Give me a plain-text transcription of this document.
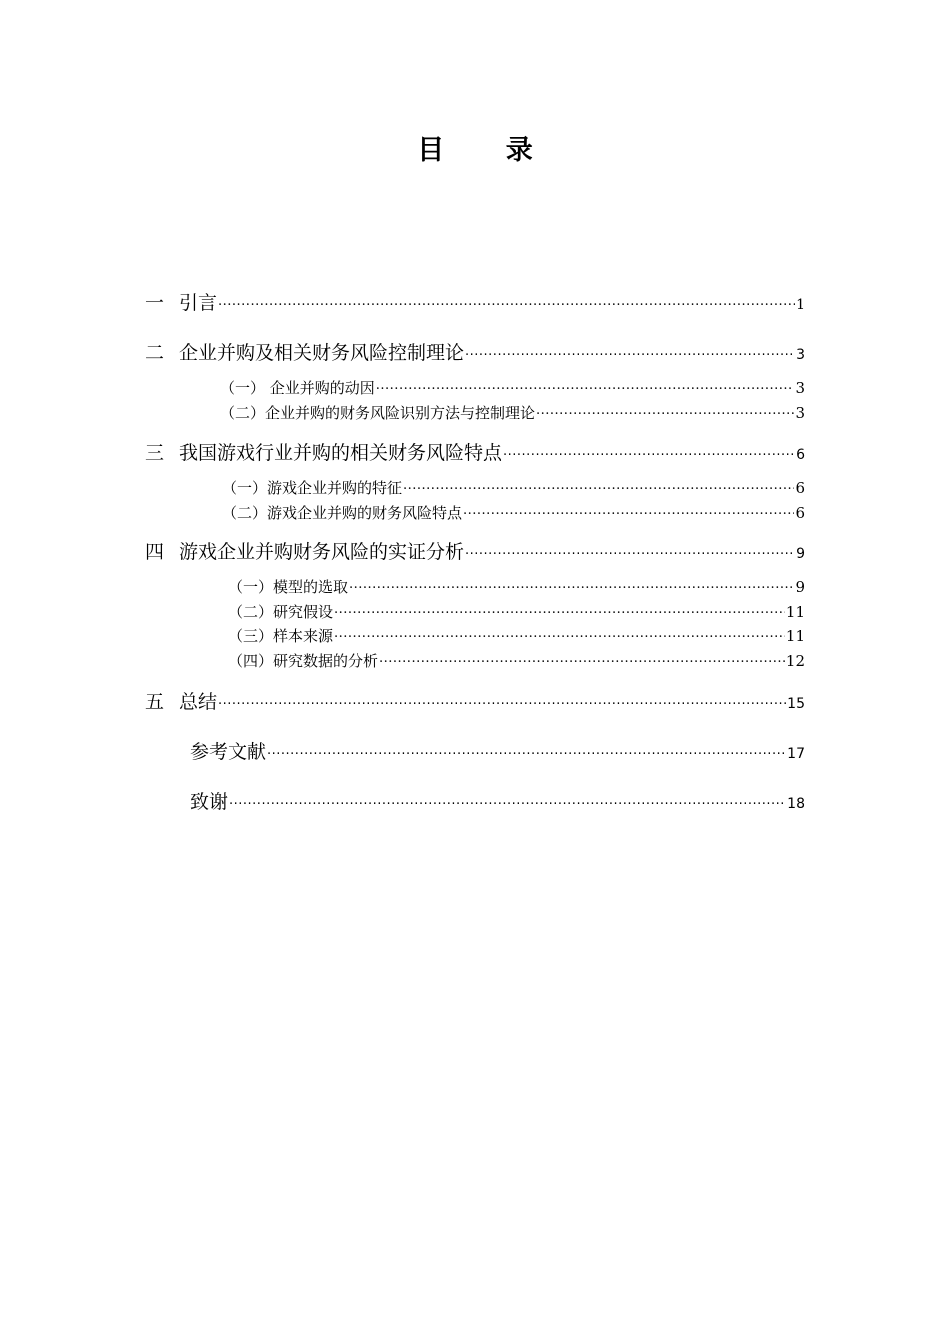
目 录
一 引言 .....	1
二 企业并购及相关财务风险控制理论 .....	3
（一） 企业并购的动因 .....	3
（二）企业并购的财务风险识别方法与控制理论 .....	3
三 我国游戏行业并购的相关财务风险特点 .....	6
（一）游戏企业并购的特征 .....	6
（二）游戏企业并购的财务风险特点 .....	6
四 游戏企业并购财务风险的实证分析 .....	9
（一）模型的选取 .....	9
（二）研究假设 .....	11
（三）样本来源 .....	11
（四）研究数据的分析 .....	12
五 总结 .....	15
参考文献 .....	17
致谢 .....	18
